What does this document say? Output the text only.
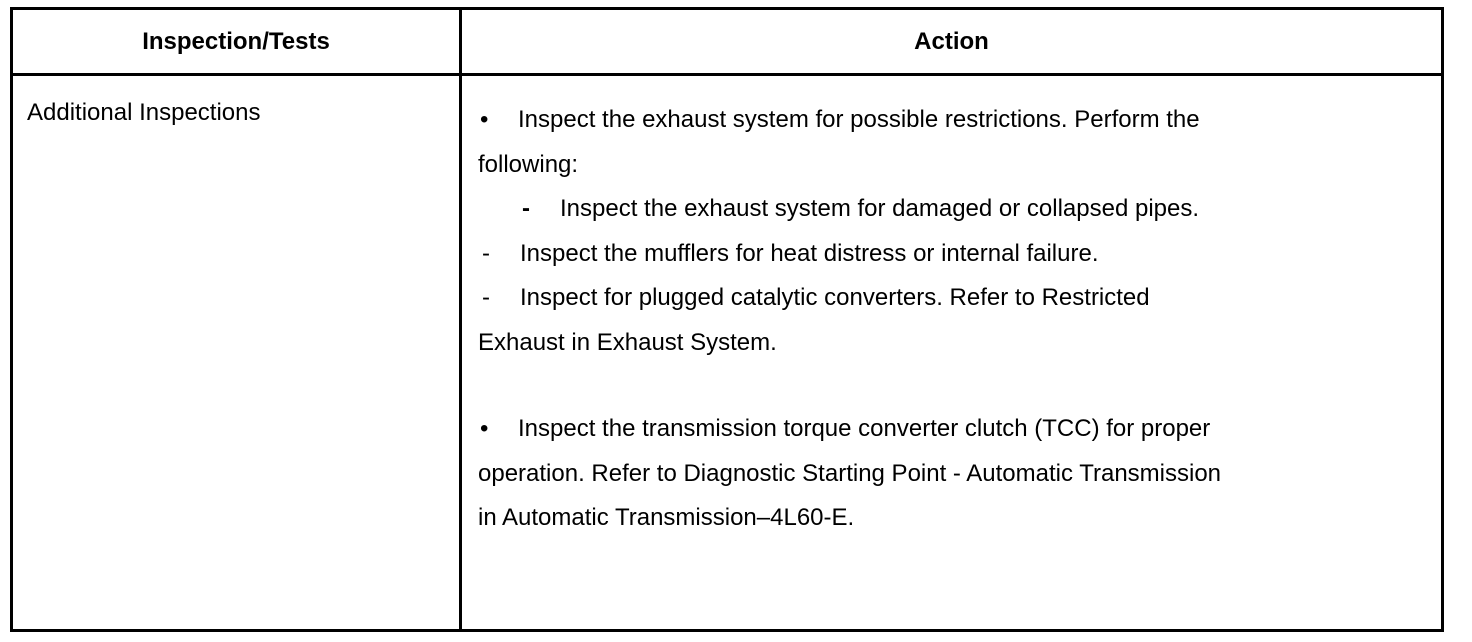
Inspection/Tests	Action
Additional Inspections	• Inspect the exhaust system for possible restrictions. Perform the
following:
- Inspect the exhaust system for damaged or collapsed pipes.
- Inspect the mufflers for heat distress or internal failure.
- Inspect for plugged catalytic converters. Refer to Restricted
Exhaust in Exhaust System.
• Inspect the transmission torque converter clutch (TCC) for proper
operation. Refer to Diagnostic Starting Point - Automatic Transmission
in Automatic Transmission–4L60-E.
